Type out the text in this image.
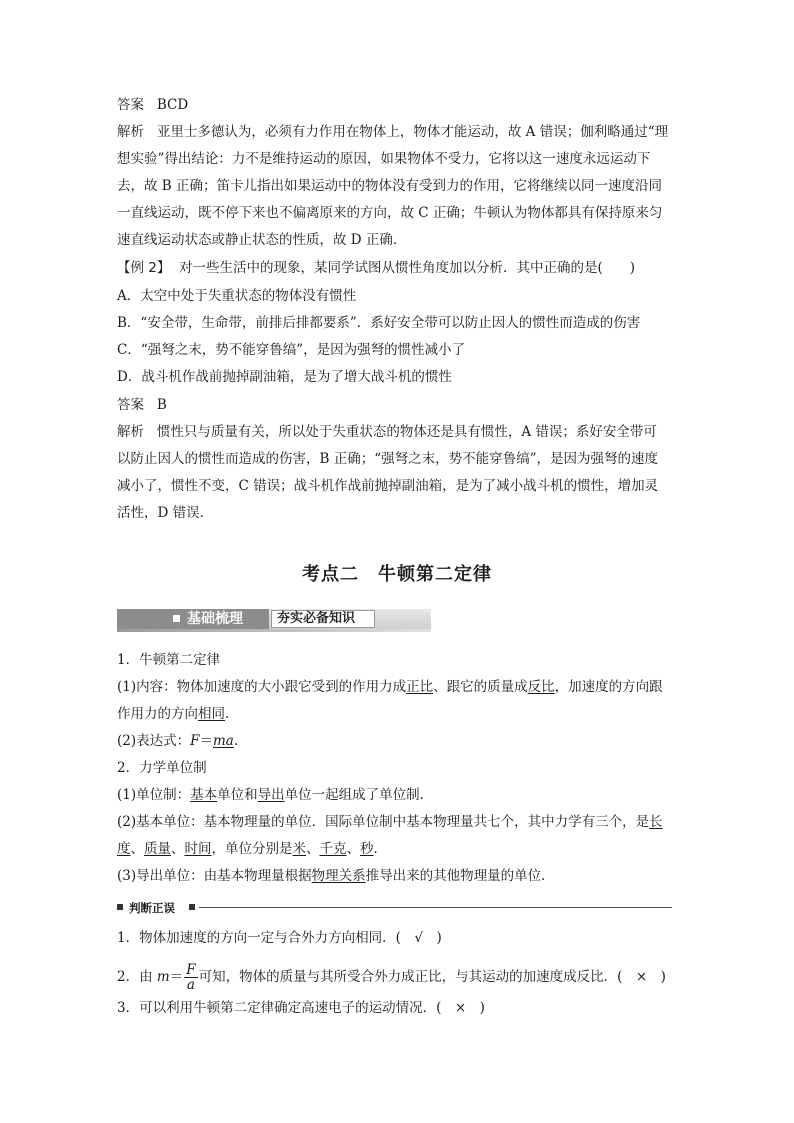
答案 BCD
解析 亚里士多德认为，必须有力作用在物体上，物体才能运动，故 A 错误；伽利略通过“理
想实验”得出结论：力不是维持运动的原因，如果物体不受力，它将以这一速度永远运动下
去，故 B 正确；笛卡儿指出如果运动中的物体没有受到力的作用，它将继续以同一速度沿同
一直线运动，既不停下来也不偏离原来的方向，故 C 正确；牛顿认为物体都具有保持原来匀
速直线运动状态或静止状态的性质，故 D 正确．
【例 2】 对一些生活中的现象，某同学试图从惯性角度加以分析．其中正确的是(　　)
A．太空中处于失重状态的物体没有惯性
B．“安全带，生命带，前排后排都要系”．系好安全带可以防止因人的惯性而造成的伤害
C．“强弩之末，势不能穿鲁缟”，是因为强弩的惯性减小了
D．战斗机作战前抛掉副油箱，是为了增大战斗机的惯性
答案 B
解析 惯性只与质量有关，所以处于失重状态的物体还是具有惯性，A 错误；系好安全带可
以防止因人的惯性而造成的伤害，B 正确；“强弩之末，势不能穿鲁缟”，是因为强弩的速度
减小了，惯性不变，C 错误；战斗机作战前抛掉副油箱，是为了减小战斗机的惯性，增加灵
活性，D 错误．
考点二　牛顿第二定律
基础梳理	夯实必备知识
1．牛顿第二定律
(1)内容：物体加速度的大小跟它受到的作用力成正比、跟它的质量成反比，加速度的方向跟
作用力的方向相同．
(2)表达式：F＝ma.
2．力学单位制
(1)单位制：基本单位和导出单位一起组成了单位制．
(2)基本单位：基本物理量的单位．国际单位制中基本物理量共七个，其中力学有三个，是长
度、质量、时间，单位分别是米、千克、秒．
(3)导出单位：由基本物理量根据物理关系推导出来的其他物理量的单位．
判断正误
1．物体加速度的方向一定与合外力方向相同．(　√　)
2．由 $m= \frac{F}{a}$ 可知，物体的质量与其所受合外力成正比，与其运动的加速度成反比．(　×　)
3．可以利用牛顿第二定律确定高速电子的运动情况．(　×　)
